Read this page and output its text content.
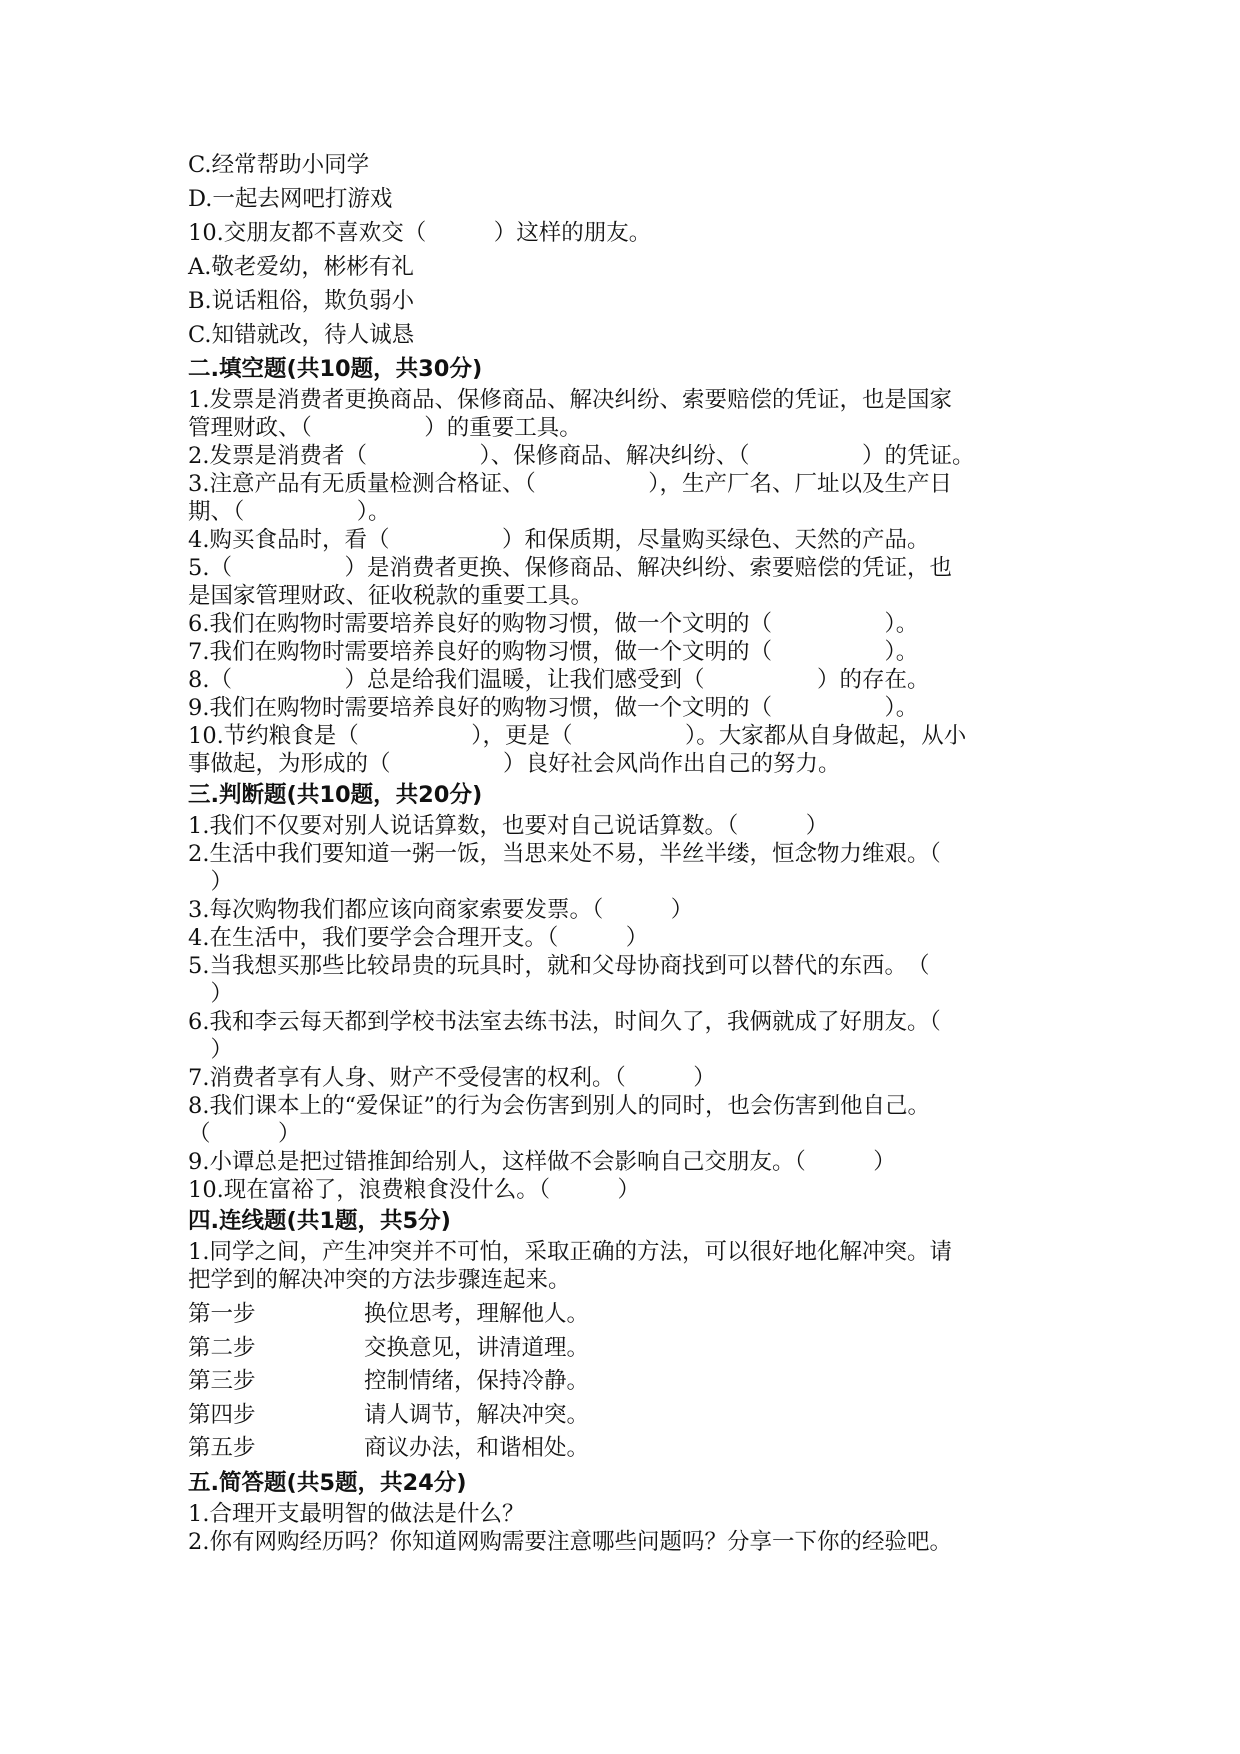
C.经常帮助小同学
D.一起去网吧打游戏
10.交朋友都不喜欢交（　　　）这样的朋友。
A.敬老爱幼，彬彬有礼
B.说话粗俗，欺负弱小
C.知错就改，待人诚恳
二.填空题(共10题，共30分)
1.发票是消费者更换商品、保修商品、解决纠纷、索要赔偿的凭证，也是国家
管理财政、（　　　　　）的重要工具。
2.发票是消费者（　　　　　）、保修商品、解决纠纷、（　　　　　）的凭证。
3.注意产品有无质量检测合格证、（　　　　　），生产厂名、厂址以及生产日
期、（　　　　　）。
4.购买食品时，看（　　　　　）和保质期，尽量购买绿色、天然的产品。
5.（　　　　　）是消费者更换、保修商品、解决纠纷、索要赔偿的凭证，也
是国家管理财政、征收税款的重要工具。
6.我们在购物时需要培养良好的购物习惯，做一个文明的（　　　　　）。
7.我们在购物时需要培养良好的购物习惯，做一个文明的（　　　　　）。
8.（　　　　　）总是给我们温暖，让我们感受到（　　　　　）的存在。
9.我们在购物时需要培养良好的购物习惯，做一个文明的（　　　　　）。
10.节约粮食是（　　　　　），更是（　　　　　）。大家都从自身做起，从小
事做起，为形成的（　　　　　）良好社会风尚作出自己的努力。
三.判断题(共10题，共20分)
1.我们不仅要对别人说话算数，也要对自己说话算数。（　　　）
2.生活中我们要知道一粥一饭，当思来处不易，半丝半缕，恒念物力维艰。（
　）
3.每次购物我们都应该向商家索要发票。（　　　）
4.在生活中，我们要学会合理开支。（　　　）
5.当我想买那些比较昂贵的玩具时，就和父母协商找到可以替代的东西。　（
　）
6.我和李云每天都到学校书法室去练书法，时间久了，我俩就成了好朋友。（
　）
7.消费者享有人身、财产不受侵害的权利。（　　　）
8.我们课本上的“爱保证”的行为会伤害到别人的同时，也会伤害到他自己。
（　　　）
9.小谭总是把过错推卸给别人，这样做不会影响自己交朋友。（　　　）
10.现在富裕了，浪费粮食没什么。（　　　）
四.连线题(共1题，共5分)
1.同学之间，产生冲突并不可怕，采取正确的方法，可以很好地化解冲突。请
把学到的解决冲突的方法步骤连起来。
第一步	换位思考，理解他人。
第二步	交换意见，讲清道理。
第三步	控制情绪，保持冷静。
第四步	请人调节，解决冲突。
第五步	商议办法，和谐相处。
五.简答题(共5题，共24分)
1.合理开支最明智的做法是什么？
2.你有网购经历吗？你知道网购需要注意哪些问题吗？分享一下你的经验吧。
